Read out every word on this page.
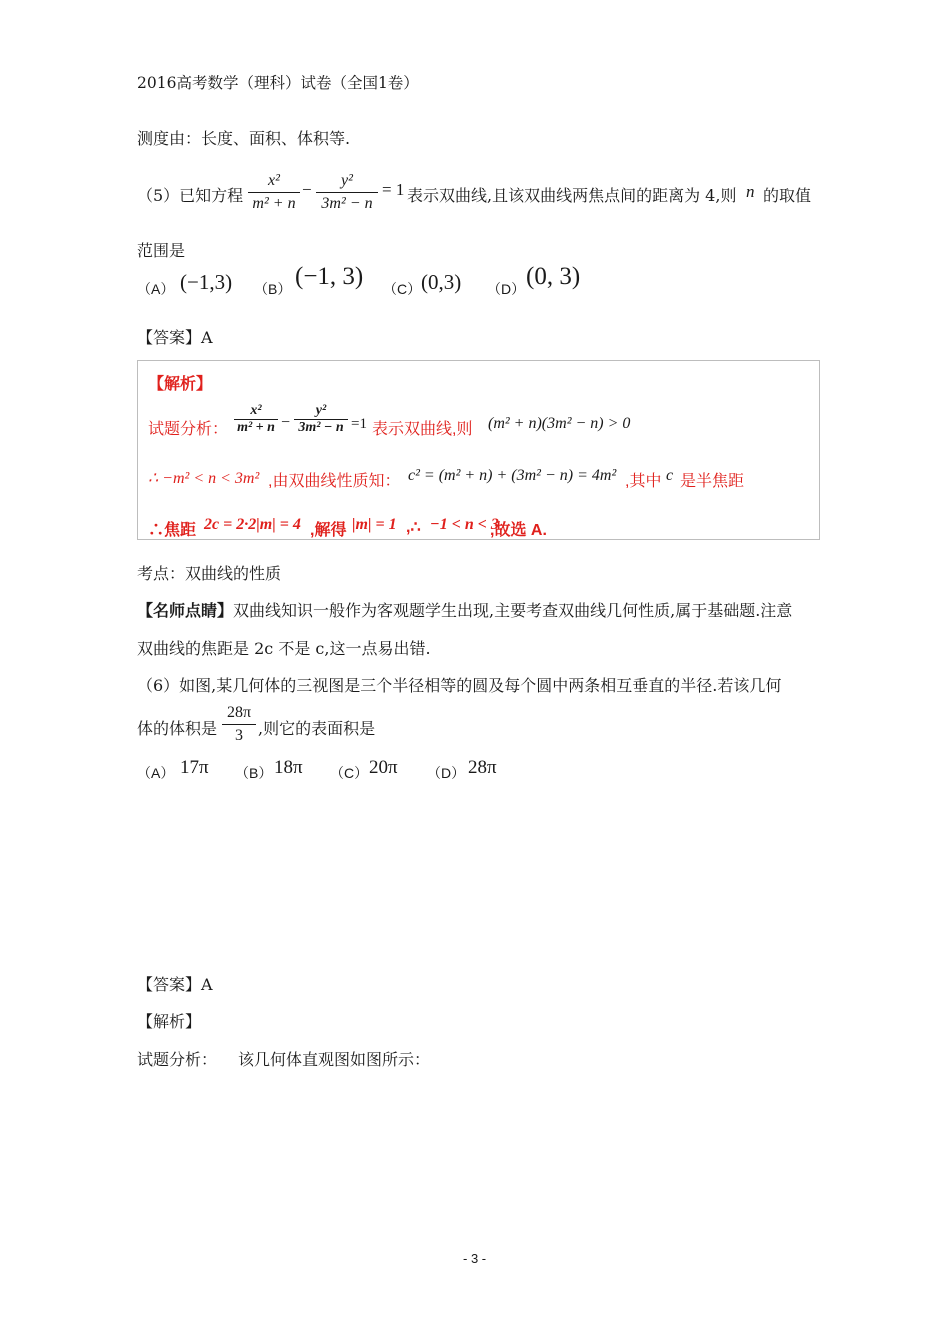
2016高考数学（理科）试卷（全国1卷）
测度由：长度、面积、体积等.
（5）已知方程 $\frac{\text{x²}}{\text{m² + n}} - \frac{\text{y²}}{\text{3m² − n}} = 1$ 表示双曲线,且该双曲线两焦点间的距离为 4,则 n 的取值
范围是
（A） (−1,3) （B） (−1, 3) （C） (0,3) （D） (0, 3)
【答案】A
【解析】
试题分析：
x²
m² + n −
y²
3m² − n =1 表示双曲线,则 (m² + n)(3m² − n) > 0
∴ −m² < n < 3m² ,由双曲线性质知： c² = (m² + n) + (3m² − n) = 4m² ,其中 c 是半焦距
∴焦距 2c = 2·2|m| = 4 ,解得 |m| = 1 ,∴ −1 < n < 3
,故选 A.
考点：双曲线的性质
【名师点睛】双曲线知识一般作为客观题学生出现,主要考查双曲线几何性质,属于基础题.注意
双曲线的焦距是 2c 不是 c,这一点易出错.
（6）如图,某几何体的三视图是三个半径相等的圆及每个圆中两条相互垂直的半径.若该几何
体的体积是 $\frac{28\pi}{3}$ ,则它的表面积是
（A） 17π （B） 18π （C） 20π （D） 28π
【答案】A
【解析】
试题分析： 该几何体直观图如图所示：
- 3 -
